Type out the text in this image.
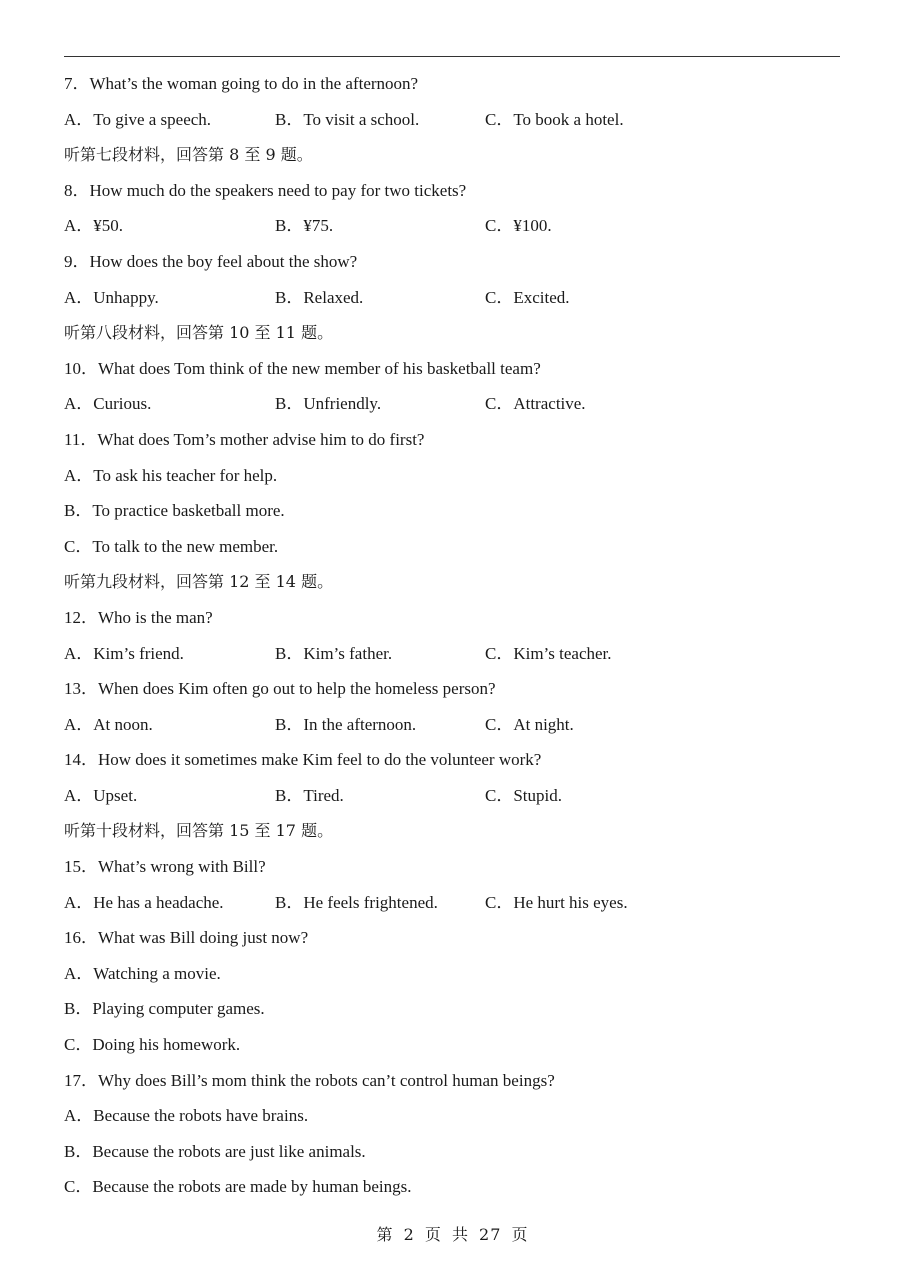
7．What’s the woman going to do in the afternoon?
A．To give a speech.	B．To visit a school.	C．To book a hotel.
听第七段材料，回答第 8 至 9 题。
8．How much do the speakers need to pay for two tickets?
A．¥50.	B．¥75.	C．¥100.
9．How does the boy feel about the show?
A．Unhappy.	B．Relaxed.	C．Excited.
听第八段材料，回答第 10 至 11 题。
10．What does Tom think of the new member of his basketball team?
A．Curious.	B．Unfriendly.	C．Attractive.
11．What does Tom’s mother advise him to do first?
A．To ask his teacher for help.
B．To practice basketball more.
C．To talk to the new member.
听第九段材料，回答第 12 至 14 题。
12．Who is the man?
A．Kim’s friend.	B．Kim’s father.	C．Kim’s teacher.
13．When does Kim often go out to help the homeless person?
A．At noon.	B．In the afternoon.	C．At night.
14．How does it sometimes make Kim feel to do the volunteer work?
A．Upset.	B．Tired.	C．Stupid.
听第十段材料，回答第 15 至 17 题。
15．What’s wrong with Bill?
A．He has a headache.	B．He feels frightened.	C．He hurt his eyes.
16．What was Bill doing just now?
A．Watching a movie.
B．Playing computer games.
C．Doing his homework.
17．Why does Bill’s mom think the robots can’t control human beings?
A．Because the robots have brains.
B．Because the robots are just like animals.
C．Because the robots are made by human beings.
第 2 页 共 27 页
